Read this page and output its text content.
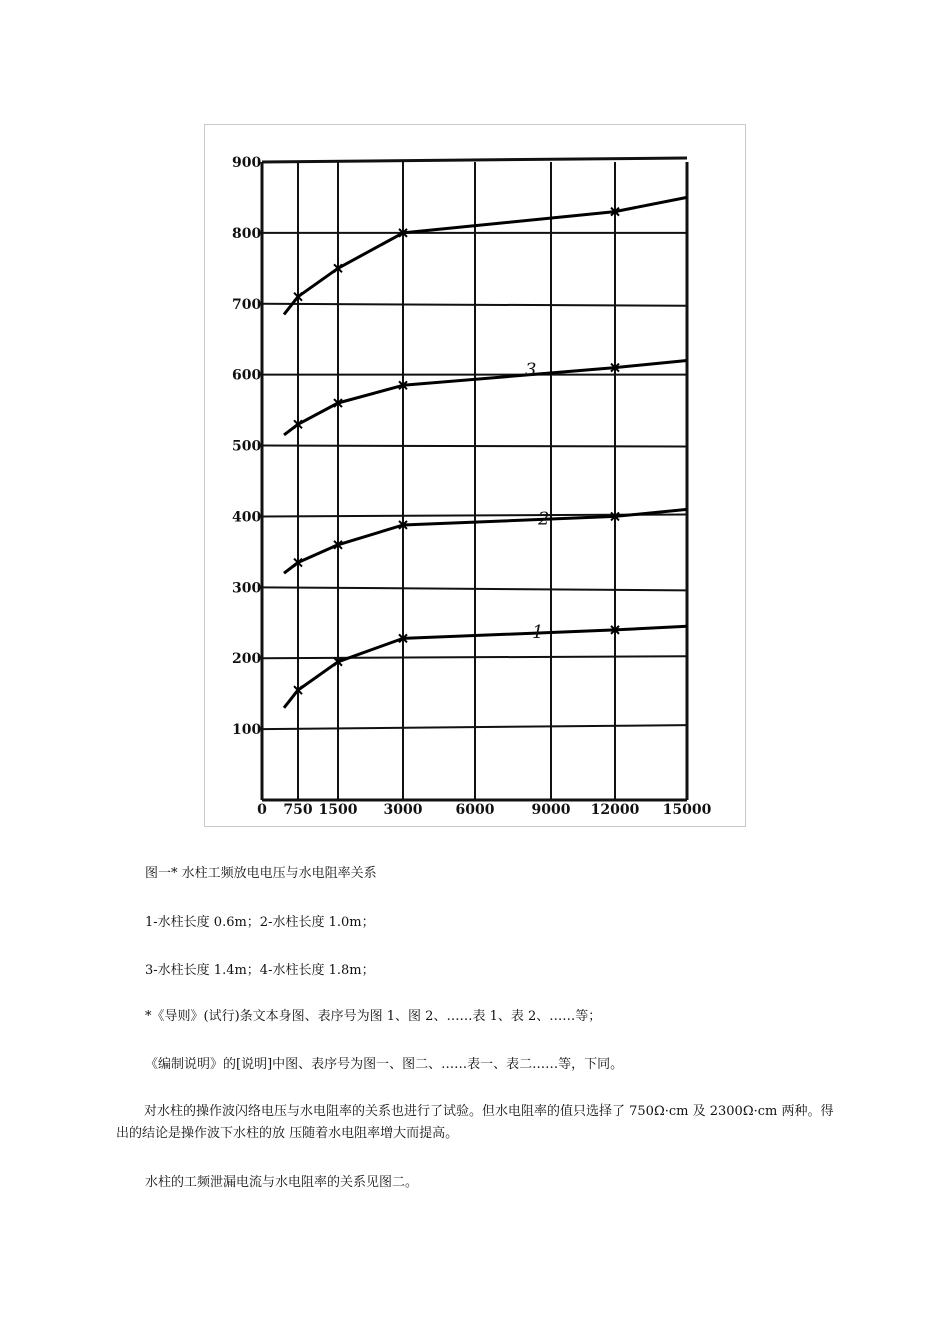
100
200
300
400
500
600
700
800
900
0 750 1500 3000 6000	9000 12000 15000
1
2
3
图一* 水柱工频放电电压与水电阻率关系
1-水柱长度 0.6m；2-水柱长度 1.0m；
3-水柱长度 1.4m；4-水柱长度 1.8m；
*《导则》(试行)条文本身图、表序号为图 1、图 2、……表 1、表 2、……等；
《编制说明》的[说明]中图、表序号为图一、图二、……表一、表二……等，下同。
对水柱的操作波闪络电压与水电阻率的关系也进行了试验。但水电阻率的值只选择了 750Ω·cm 及 2300Ω·cm 两种。得出的结论是操作波下水柱的放 压随着水电阻率增大而提高。
水柱的工频泄漏电流与水电阻率的关系见图二。
